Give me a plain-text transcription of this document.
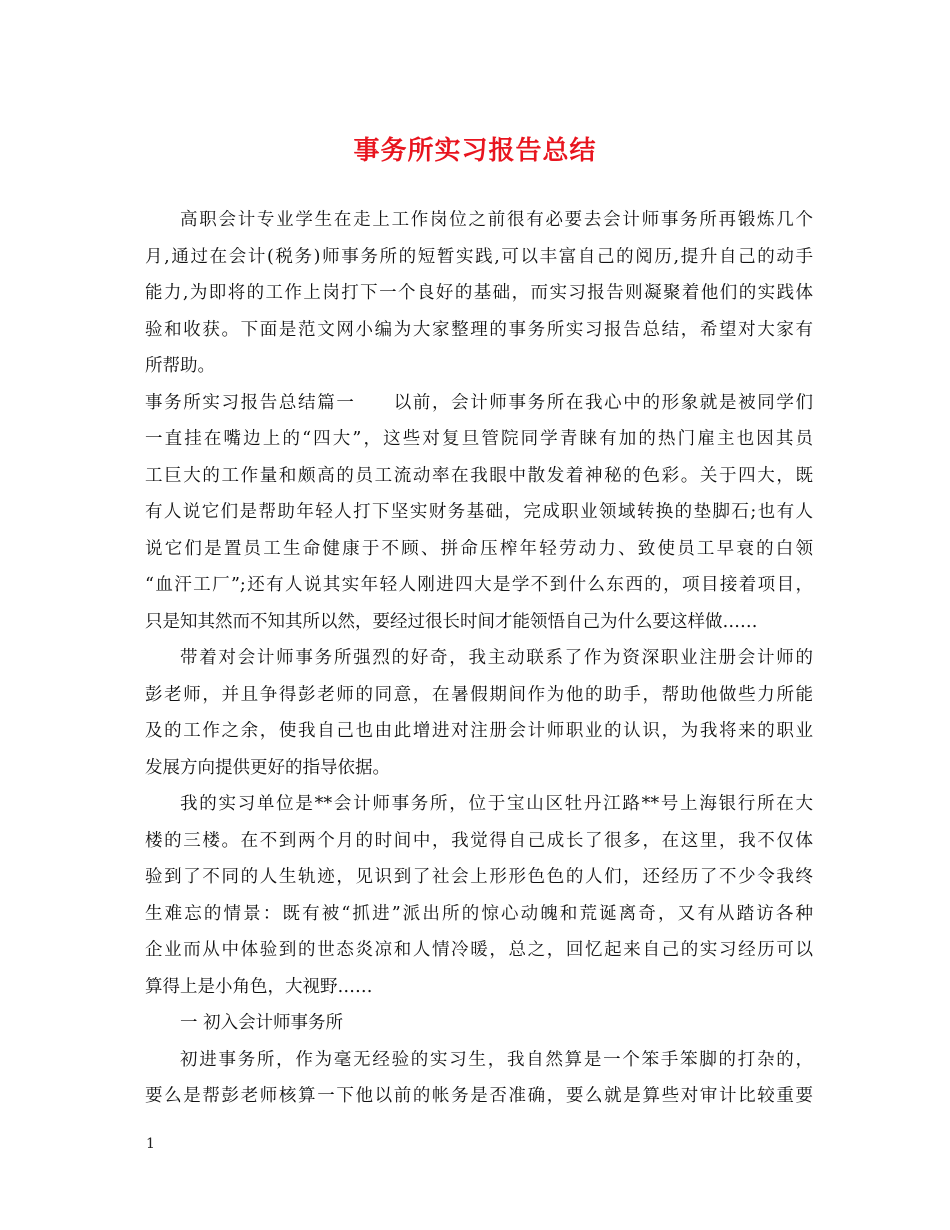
事务所实习报告总结
高职会计专业学生在走上工作岗位之前很有必要去会计师事务所再锻炼几个
月,通过在会计(税务)师事务所的短暂实践,可以丰富自己的阅历,提升自己的动手
能力,为即将的工作上岗打下一个良好的基础，而实习报告则凝聚着他们的实践体
验和收获。下面是范文网小编为大家整理的事务所实习报告总结，希望对大家有
所帮助。
事务所实习报告总结篇一　　以前，会计师事务所在我心中的形象就是被同学们
一直挂在嘴边上的“四大”，这些对复旦管院同学青睐有加的热门雇主也因其员
工巨大的工作量和颇高的员工流动率在我眼中散发着神秘的色彩。关于四大，既
有人说它们是帮助年轻人打下坚实财务基础，完成职业领域转换的垫脚石;也有人
说它们是置员工生命健康于不顾、拼命压榨年轻劳动力、致使员工早衰的白领
“血汗工厂”;还有人说其实年轻人刚进四大是学不到什么东西的，项目接着项目，
只是知其然而不知其所以然，要经过很长时间才能领悟自己为什么要这样做……
带着对会计师事务所强烈的好奇，我主动联系了作为资深职业注册会计师的
彭老师，并且争得彭老师的同意，在暑假期间作为他的助手，帮助他做些力所能
及的工作之余，使我自己也由此增进对注册会计师职业的认识，为我将来的职业
发展方向提供更好的指导依据。
我的实习单位是**会计师事务所，位于宝山区牡丹江路**号上海银行所在大
楼的三楼。在不到两个月的时间中，我觉得自己成长了很多，在这里，我不仅体
验到了不同的人生轨迹，见识到了社会上形形色色的人们，还经历了不少令我终
生难忘的情景：既有被“抓进”派出所的惊心动魄和荒诞离奇，又有从踏访各种
企业而从中体验到的世态炎凉和人情冷暖，总之，回忆起来自己的实习经历可以
算得上是小角色，大视野……
一 初入会计师事务所
初进事务所，作为毫无经验的实习生，我自然算是一个笨手笨脚的打杂的，
要么是帮彭老师核算一下他以前的帐务是否准确，要么就是算些对审计比较重要
1
